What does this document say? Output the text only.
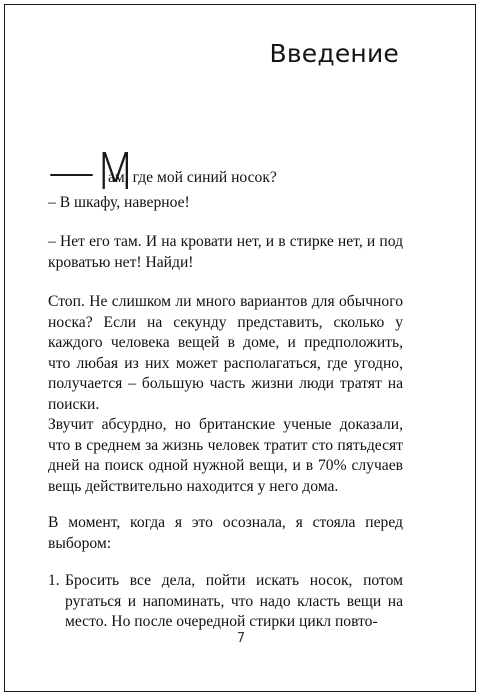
Введение
—М
ам, где мой синий носок?

– В шкафу, наверное!

– Нет его там. И на кровати нет, и в стирке нет, и под кроватью нет! Найди!

Стоп. Не слишком ли много вариантов для обычного носка? Если на секунду представить, сколько у каждого человека вещей в доме, и предположить, что любая из них может располагаться, где угодно, получается – большую часть жизни люди тратят на поиски.

Звучит абсурдно, но британские ученые доказали, что в среднем за жизнь человек тратит сто пятьдесят дней на поиск одной нужной вещи, и в 70% случаев вещь действительно находится у него дома.

В момент, когда я это осознала, я стояла перед выбором:

1. Бросить все дела, пойти искать носок, потом ругаться и напоминать, что надо класть вещи на место. Но после очередной стирки цикл повто-

7
